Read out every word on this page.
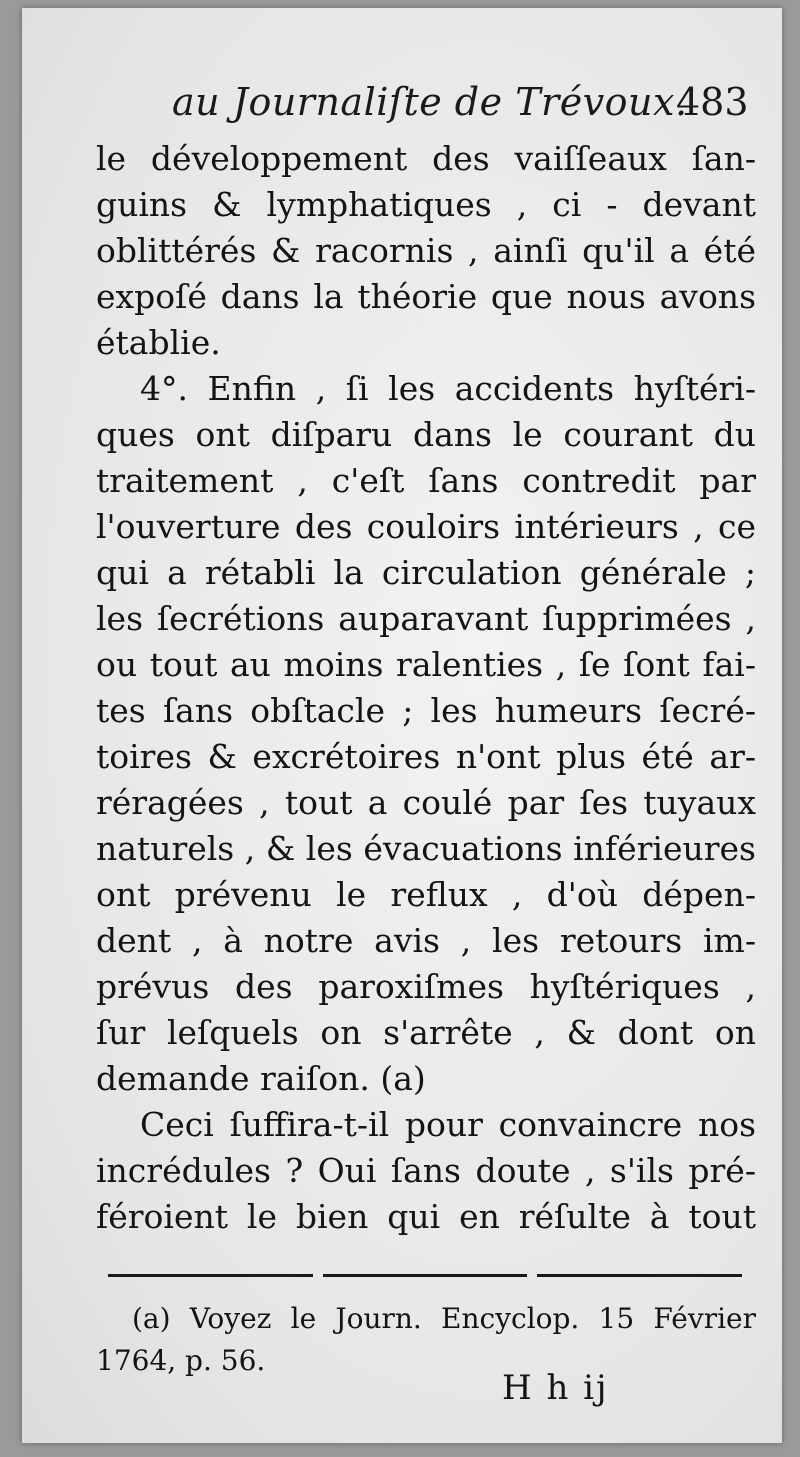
au Journaliſte de Trévoux.
483
le développement des vaiſſeaux ſan-
guins & lymphatiques , ci - devant
oblittérés & racornis , ainſi qu'il a été
expoſé dans la théorie que nous avons
établie.
4°. Enfin , ſi les accidents hyſtéri-
ques ont diſparu dans le courant du
traitement , c'eſt ſans contredit par
l'ouverture des couloirs intérieurs , ce
qui a rétabli la circulation générale ;
les ſecrétions auparavant ſupprimées ,
ou tout au moins ralenties , ſe ſont fai-
tes ſans obſtacle ; les humeurs ſecré-
toires & excrétoires n'ont plus été ar-
réragées , tout a coulé par ſes tuyaux
naturels , & les évacuations inférieures
ont prévenu le reflux , d'où dépen-
dent , à notre avis , les retours im-
prévus des paroxiſmes hyſtériques ,
ſur leſquels on s'arrête , & dont on
demande raiſon. (a)
Ceci ſuffira-t-il pour convaincre nos
incrédules ? Oui ſans doute , s'ils pré-
féroient le bien qui en réſulte à tout
(a) Voyez le Journ. Encyclop. 15 Février
1764, p. 56.
H h ij
